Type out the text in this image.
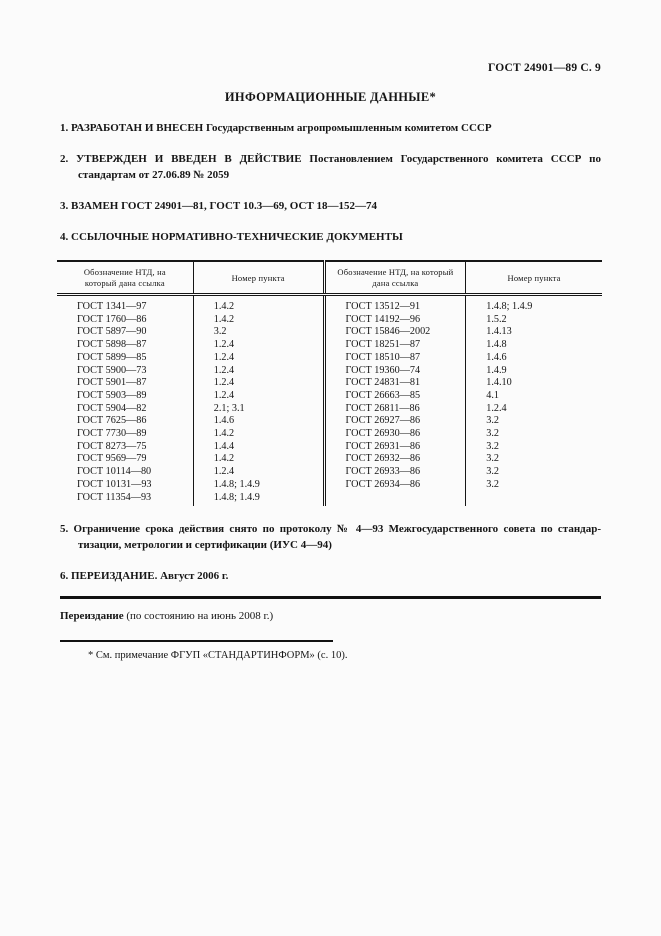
ГОСТ 24901—89 С. 9
ИНФОРМАЦИОННЫЕ ДАННЫЕ*
1. РАЗРАБОТАН И ВНЕСЕН Государственным агропромышленным комитетом СССР
2. УТВЕРЖДЕН И ВВЕДЕН В ДЕЙСТВИЕ Постановлением Государственного комитета СССР по
стандартам от 27.06.89 № 2059
3. ВЗАМЕН ГОСТ 24901—81, ГОСТ 10.3—69, ОСТ 18—152—74
4. ССЫЛОЧНЫЕ НОРМАТИВНО-ТЕХНИЧЕСКИЕ ДОКУМЕНТЫ
Обозначение НТД, на который дана ссылка	Номер пункта	Обозначение НТД, на который дана ссылка	Номер пункта
ГОСТ 1341—97	1.4.2	ГОСТ 13512—91	1.4.8; 1.4.9
ГОСТ 1760—86	1.4.2	ГОСТ 14192—96	1.5.2
ГОСТ 5897—90	3.2	ГОСТ 15846—2002	1.4.13
ГОСТ 5898—87	1.2.4	ГОСТ 18251—87	1.4.8
ГОСТ 5899—85	1.2.4	ГОСТ 18510—87	1.4.6
ГОСТ 5900—73	1.2.4	ГОСТ 19360—74	1.4.9
ГОСТ 5901—87	1.2.4	ГОСТ 24831—81	1.4.10
ГОСТ 5903—89	1.2.4	ГОСТ 26663—85	4.1
ГОСТ 5904—82	2.1; 3.1	ГОСТ 26811—86	1.2.4
ГОСТ 7625—86	1.4.6	ГОСТ 26927—86	3.2
ГОСТ 7730—89	1.4.2	ГОСТ 26930—86	3.2
ГОСТ 8273—75	1.4.4	ГОСТ 26931—86	3.2
ГОСТ 9569—79	1.4.2	ГОСТ 26932—86	3.2
ГОСТ 10114—80	1.2.4	ГОСТ 26933—86	3.2
ГОСТ 10131—93	1.4.8; 1.4.9	ГОСТ 26934—86	3.2
ГОСТ 11354—93	1.4.8; 1.4.9		
5. Ограничение срока действия снято по протоколу № 4—93 Межгосударственного совета по стандар-
тизации, метрологии и сертификации (ИУС 4—94)
6. ПЕРЕИЗДАНИЕ. Август 2006 г.
Переиздание (по состоянию на июнь 2008 г.)
* См. примечание ФГУП «СТАНДАРТИНФОРМ» (с. 10).
